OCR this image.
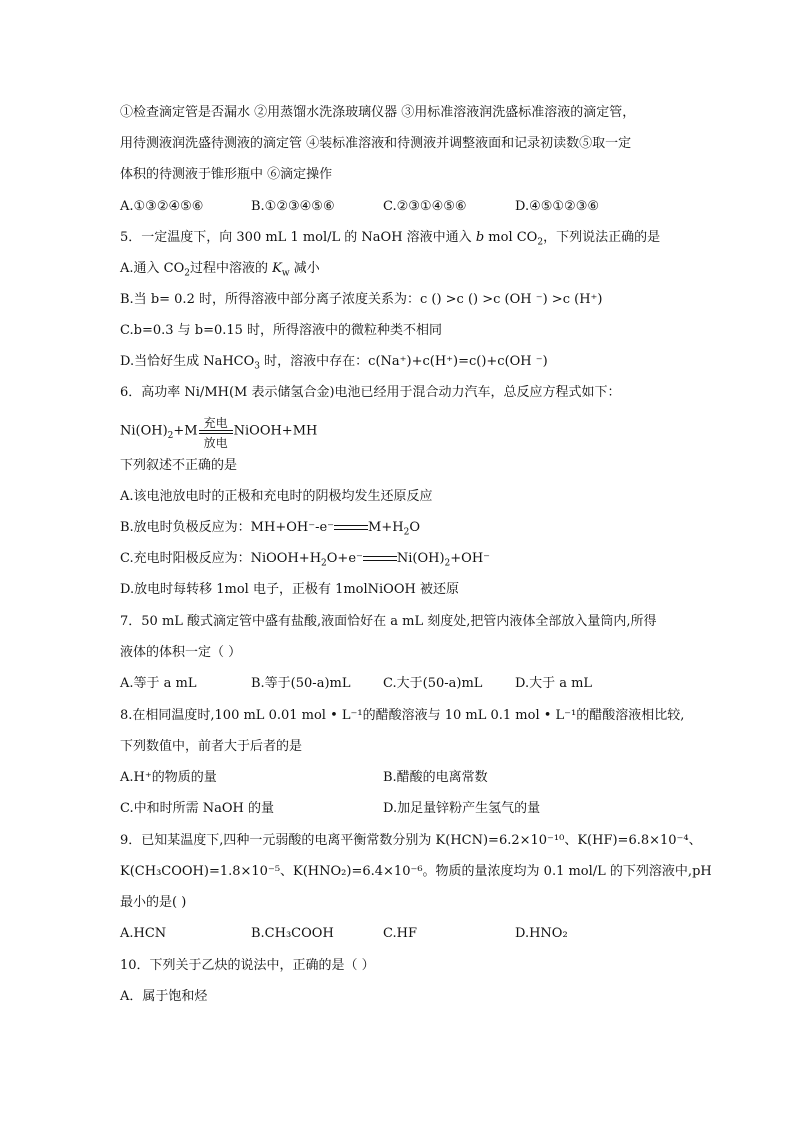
①检查滴定管是否漏水 ②用蒸馏水洗涤玻璃仪器 ③用标准溶液润洗盛标准溶液的滴定管，
用待测液润洗盛待测液的滴定管 ④装标准溶液和待测液并调整液面和记录初读数⑤取一定
体积的待测液于锥形瓶中 ⑥滴定操作
A.①③②④⑤⑥	B.①②③④⑤⑥	C.②③①④⑤⑥	D.④⑤①②③⑥
5．一定温度下，向 300 mL 1 mol/L 的 NaOH 溶液中通入 b mol $CO_2$，下列说法正确的是
A.通入 $CO_2$过程中溶液的 $K_w$ 减小
B.当 b= 0.2 时，所得溶液中部分离子浓度关系为：c () >c () >c (OH ⁻) >c (H⁺)
C.b=0.3 与 b=0.15 时，所得溶液中的微粒种类不相同
D.当恰好生成 NaHCO$_3$ 时，溶液中存在：c(Na⁺)+c(H⁺)=c()+c(OH ⁻)
6．高功率 Ni/MH(M 表示储氢合金)电池已经用于混合动力汽车，总反应方程式如下：
$Ni(OH)_2+M \frac{\text{充电}}{\text{放电}}$ NiOOH+MH
下列叙述不正确的是
A.该电池放电时的正极和充电时的阴极均发生还原反应
B.放电时负极反应为：MH+OH⁻-e⁻	$M+H_2O$
C.充电时阳极反应为：$NiOOH+H_2O+e^-$	$Ni(OH)_2+OH^-$
D.放电时每转移 1mol 电子，正极有 1molNiOOH 被还原
7．50 mL 酸式滴定管中盛有盐酸,液面恰好在 a mL 刻度处,把管内液体全部放入量筒内,所得
液体的体积一定（ ）
A.等于 a mL	B.等于(50-a)mL	C.大于(50-a)mL	D.大于 a mL
8.在相同温度时,100 mL 0.01 mol • L⁻¹的醋酸溶液与 10 mL 0.1 mol • L⁻¹的醋酸溶液相比较,
下列数值中，前者大于后者的是
A.H⁺的物质的量	B.醋酸的电离常数
C.中和时所需 NaOH 的量	D.加足量锌粉产生氢气的量
9．已知某温度下,四种一元弱酸的电离平衡常数分别为 K(HCN)=6.2×10⁻¹⁰、K(HF)=6.8×10⁻⁴、
K(CH₃COOH)=1.8×10⁻⁵、K(HNO₂)=6.4×10⁻⁶。物质的量浓度均为 0.1 mol/L 的下列溶液中,pH
最小的是( )
A.HCN	B.CH₃COOH	C.HF	D.HNO₂
10．下列关于乙炔的说法中，正确的是（ ）
A．属于饱和烃
